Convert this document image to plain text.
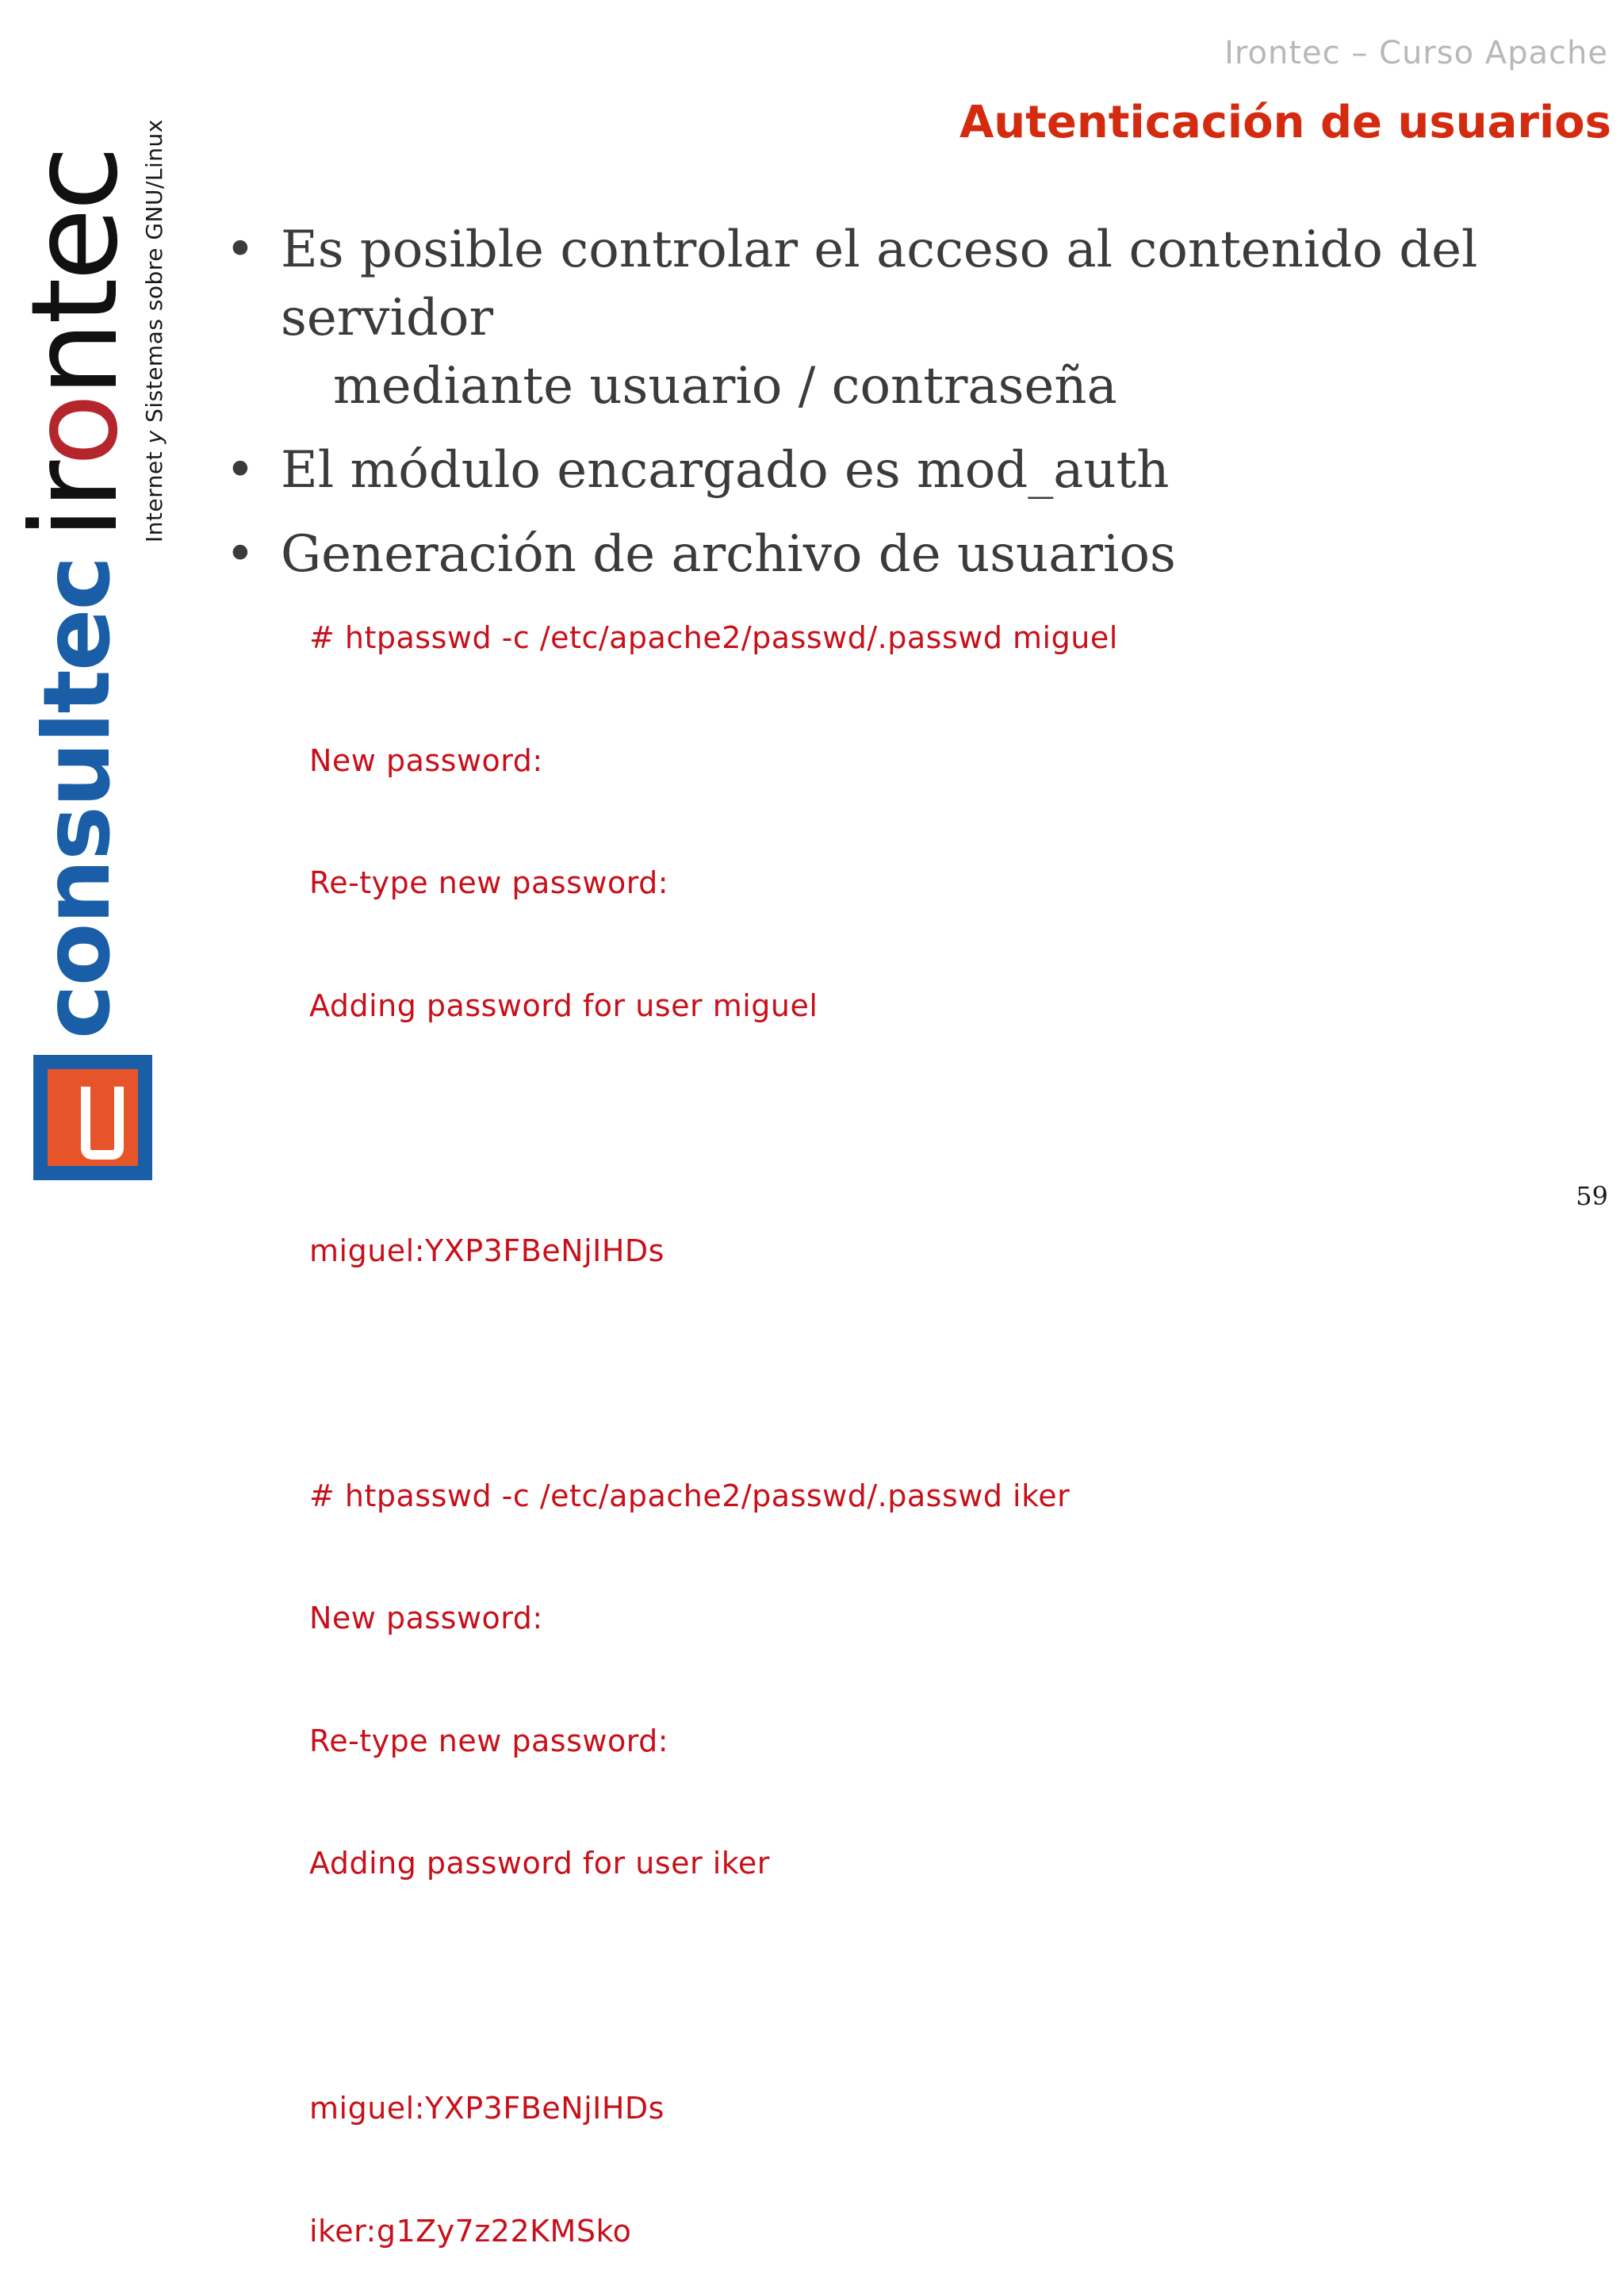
irontec
Internet y Sistemas sobre GNU/Linux
consultec
Irontec – Curso Apache
Autenticación de usuarios
• Es posible controlar el acceso al contenido del servidor
mediante usuario / contraseña
• El módulo encargado es mod_auth
• Generación de archivo de usuarios

# htpasswd -c /etc/apache2/passwd/.passwd miguel

New password:

Re-type new password:

Adding password for user miguel

miguel:YXP3FBeNjIHDs

# htpasswd -c /etc/apache2/passwd/.passwd iker

New password:

Re-type new password:

Adding password for user iker

miguel:YXP3FBeNjIHDs

iker:g1Zy7z22KMSko

59
